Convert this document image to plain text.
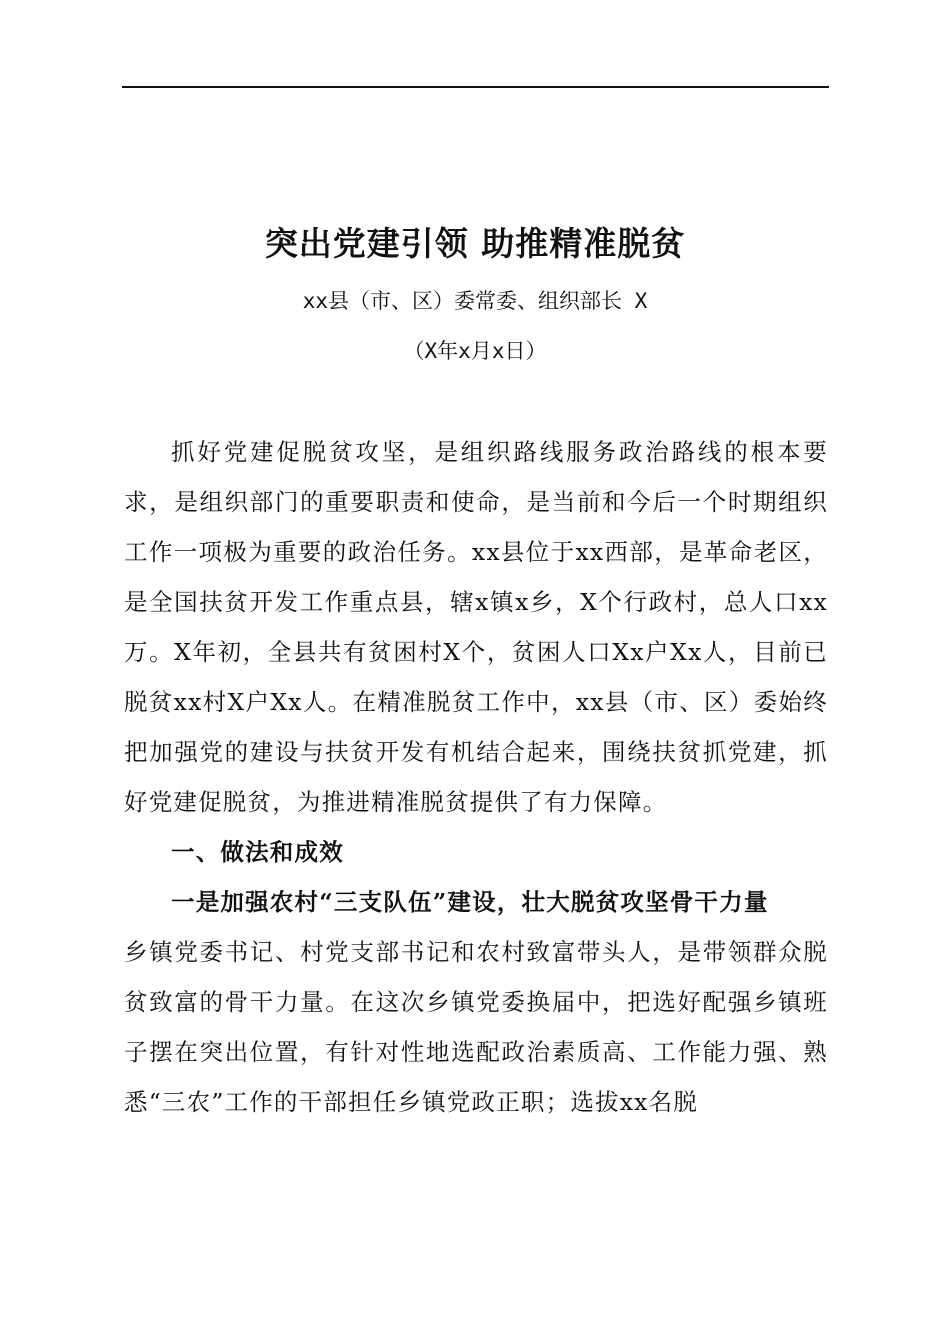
突出党建引领 助推精准脱贫

xx县（市、区）委常委、组织部长 X

（X年x月x日）

抓好党建促脱贫攻坚，是组织路线服务政治路线的根本要求，是组织部门的重要职责和使命，是当前和今后一个时期组织工作一项极为重要的政治任务。xx县位于xx西部，是革命老区，是全国扶贫开发工作重点县，辖x镇x乡，X个行政村，总人口xx万。X年初，全县共有贫困村X个，贫困人口Xx户Xx人，目前已脱贫xx村X户Xx人。在精准脱贫工作中，xx县（市、区）委始终把加强党的建设与扶贫开发有机结合起来，围绕扶贫抓党建，抓好党建促脱贫，为推进精准脱贫提供了有力保障。

一、做法和成效

一是加强农村“三支队伍”建设，壮大脱贫攻坚骨干力量
乡镇党委书记、村党支部书记和农村致富带头人，是带领群众脱贫致富的骨干力量。在这次乡镇党委换届中，把选好配强乡镇班子摆在突出位置，有针对性地选配政治素质高、工作能力强、熟悉“三农”工作的干部担任乡镇党政正职；选拔xx名脱
